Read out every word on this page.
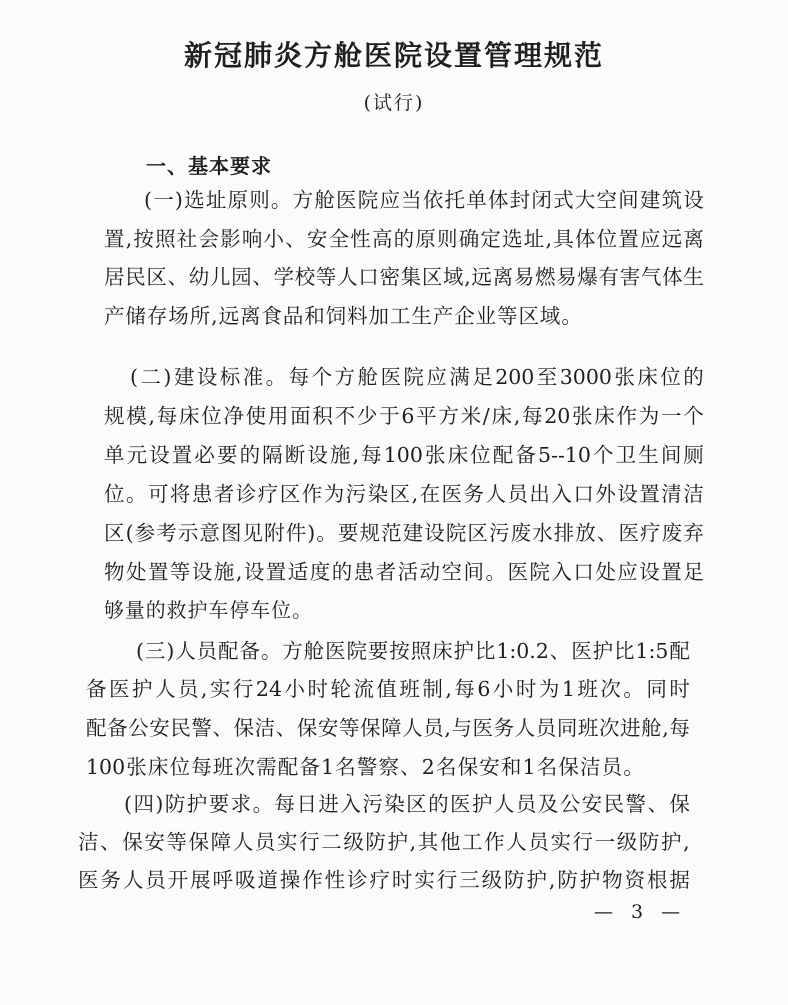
新冠肺炎方舱医院设置管理规范
(试行)
一、基本要求
( 一 ) 选 址 原 则 。 方 舱 医 院 应 当 依 托 单 体 封 闭 式 大 空 间 建 筑 设
置 , 按 照 社 会 影 响 小 、 安 全 性 高 的 原 则 确 定 选 址 , 具 体 位 置 应 远 离
居 民 区 、 幼 儿 园 、 学 校 等 人 口 密 集 区 域 , 远 离 易 燃 易 爆 有 害 气 体 生
产 储 存 场 所 , 远 离 食 品 和 饲 料 加 工 生 产 企 业 等 区 域 。
( 二 ) 建 设 标 准 。 每 个 方 舱 医 院 应 满 足 200 至 3000 张 床 位 的
规 模 , 每 床 位 净 使 用 面 积 不 少 于 6 平 方 米 / 床 , 每 20 张 床 作 为 一 个
单 元 设 置 必 要 的 隔 断 设 施 , 每 100 张 床 位 配 备 5--10 个 卫 生 间 厕
位 。 可 将 患 者 诊 疗 区 作 为 污 染 区 , 在 医 务 人 员 出 入 口 外 设 置 清 洁
区 ( 参 考 示 意 图 见 附 件 ) 。 要 规 范 建 设 院 区 污 废 水 排 放 、 医 疗 废 弃
物 处 置 等 设 施 , 设 置 适 度 的 患 者 活 动 空 间 。 医 院 入 口 处 应 设 置 足
够 量 的 救 护 车 停 车 位 。
( 三 ) 人 员 配 备 。 方 舱 医 院 要 按 照 床 护 比 1:0.2 、 医 护 比 1:5 配
备 医 护 人 员 , 实 行 24 小 时 轮 流 值 班 制 , 每 6 小 时 为 1 班 次 。 同 时
配 备 公 安 民 警 、 保 洁 、 保 安 等 保 障 人 员 , 与 医 务 人 员 同 班 次 进 舱 , 每
100 张 床 位 每 班 次 需 配 备 1 名 警 察 、 2 名 保 安 和 1 名 保 洁 员 。
( 四 ) 防 护 要 求 。 每 日 进 入 污 染 区 的 医 护 人 员 及 公 安 民 警 、 保
洁 、 保 安 等 保 障 人 员 实 行 二 级 防 护 , 其 他 工 作 人 员 实 行 一 级 防 护 ,
医 务 人 员 开 展 呼 吸 道 操 作 性 诊 疗 时 实 行 三 级 防 护 , 防 护 物 资 根 据
— 3 —
